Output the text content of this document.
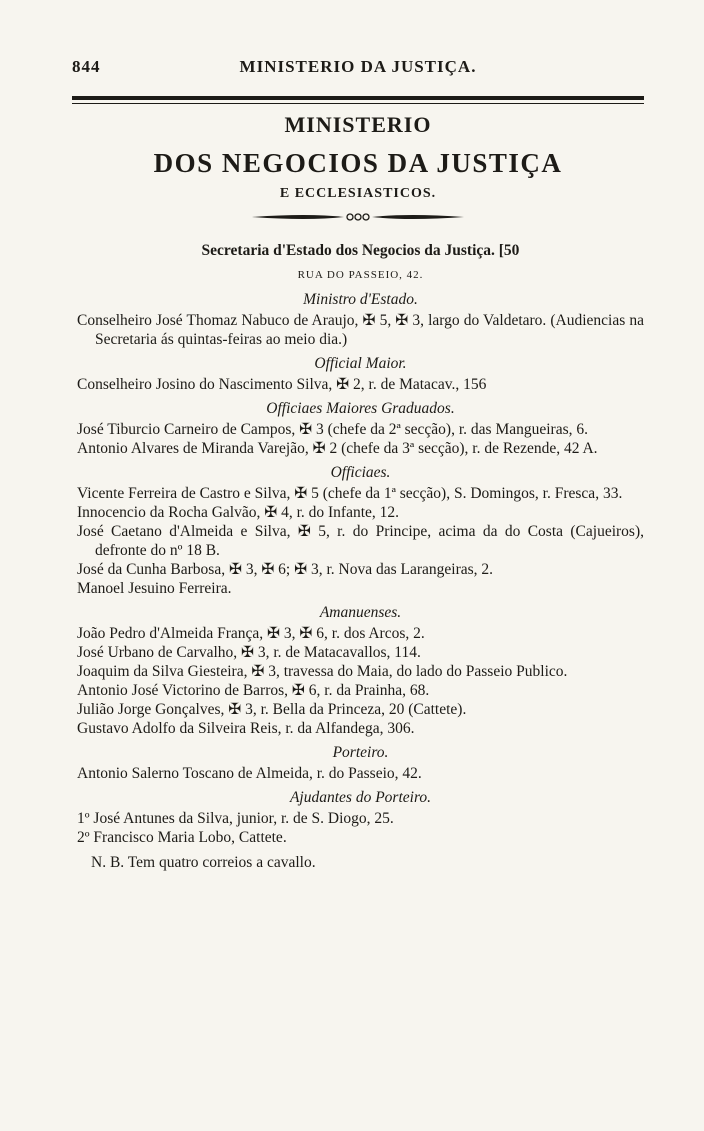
844	MINISTERIO DA JUSTIÇA.
MINISTERIO
DOS NEGOCIOS DA JUSTIÇA
E ECCLESIASTICOS.
Secretaria d'Estado dos Negocios da Justiça. [50
RUA DO PASSEIO, 42.
Ministro d'Estado.
Conselheiro José Thomaz Nabuco de Araujo, ✠ 5, ✠ 3, largo do Valdetaro. (Audiencias na Secretaria ás quintas-feiras ao meio dia.)
Official Maior.
Conselheiro Josino do Nascimento Silva, ✠ 2, r. de Matacav., 156
Officiaes Maiores Graduados.
José Tiburcio Carneiro de Campos, ✠ 3 (chefe da 2ª secção), r. das Mangueiras, 6.
Antonio Alvares de Miranda Varejão, ✠ 2 (chefe da 3ª secção), r. de Rezende, 42 A.
Officiaes.
Vicente Ferreira de Castro e Silva, ✠ 5 (chefe da 1ª secção), S. Domingos, r. Fresca, 33.
Innocencio da Rocha Galvão, ✠ 4, r. do Infante, 12.
José Caetano d'Almeida e Silva, ✠ 5, r. do Principe, acima da do Costa (Cajueiros), defronte do nº 18 B.
José da Cunha Barbosa, ✠ 3, ✠ 6; ✠ 3, r. Nova das Larangeiras, 2.
Manoel Jesuino Ferreira.
Amanuenses.
João Pedro d'Almeida França, ✠ 3, ✠ 6, r. dos Arcos, 2.
José Urbano de Carvalho, ✠ 3, r. de Matacavallos, 114.
Joaquim da Silva Giesteira, ✠ 3, travessa do Maia, do lado do Passeio Publico.
Antonio José Victorino de Barros, ✠ 6, r. da Prainha, 68.
Julião Jorge Gonçalves, ✠ 3, r. Bella da Princeza, 20 (Cattete).
Gustavo Adolfo da Silveira Reis, r. da Alfandega, 306.
Porteiro.
Antonio Salerno Toscano de Almeida, r. do Passeio, 42.
Ajudantes do Porteiro.
1º José Antunes da Silva, junior, r. de S. Diogo, 25.
2º Francisco Maria Lobo, Cattete.
N. B. Tem quatro correios a cavallo.
